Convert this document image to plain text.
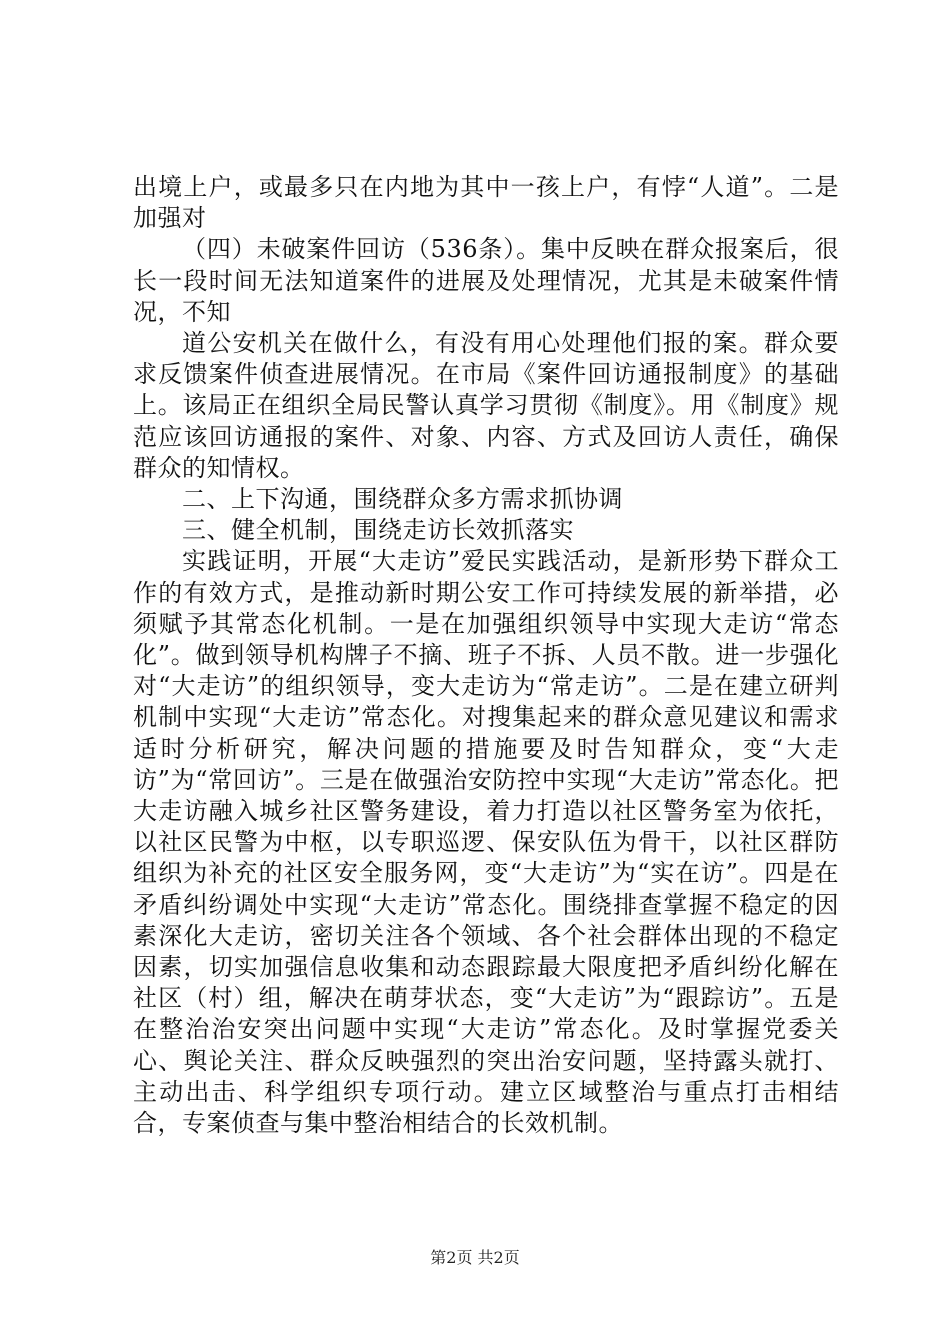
出境上户，或最多只在内地为其中一孩上户，有悖“人道”。二是加强对

（四）未破案件回访（536条）。集中反映在群众报案后，很长一段时间无法知道案件的进展及处理情况，尤其是未破案件情况，不知

道公安机关在做什么，有没有用心处理他们报的案。群众要求反馈案件侦查进展情况。在市局《案件回访通报制度》的基础上。该局正在组织全局民警认真学习贯彻《制度》。用《制度》规范应该回访通报的案件、对象、内容、方式及回访人责任，确保群众的知情权。

二、上下沟通，围绕群众多方需求抓协调

三、健全机制，围绕走访长效抓落实

实践证明，开展“大走访”爱民实践活动，是新形势下群众工作的有效方式，是推动新时期公安工作可持续发展的新举措，必须赋予其常态化机制。一是在加强组织领导中实现大走访“常态化”。做到领导机构牌子不摘、班子不拆、人员不散。进一步强化对“大走访”的组织领导，变大走访为“常走访”。二是在建立研判机制中实现“大走访”常态化。对搜集起来的群众意见建议和需求适时分析研究，解决问题的措施要及时告知群众，变“大走访”为“常回访”。三是在做强治安防控中实现“大走访”常态化。把大走访融入城乡社区警务建设，着力打造以社区警务室为依托，以社区民警为中枢，以专职巡逻、保安队伍为骨干，以社区群防组织为补充的社区安全服务网，变“大走访”为“实在访”。四是在矛盾纠纷调处中实现“大走访”常态化。围绕排查掌握不稳定的因素深化大走访，密切关注各个领域、各个社会群体出现的不稳定因素，切实加强信息收集和动态跟踪最大限度把矛盾纠纷化解在社区（村）组，解决在萌芽状态，变“大走访”为“跟踪访”。五是在整治治安突出问题中实现“大走访”常态化。及时掌握党委关心、舆论关注、群众反映强烈的突出治安问题，坚持露头就打、主动出击、科学组织专项行动。建立区域整治与重点打击相结合，专案侦查与集中整治相结合的长效机制。

第2页 共2页
